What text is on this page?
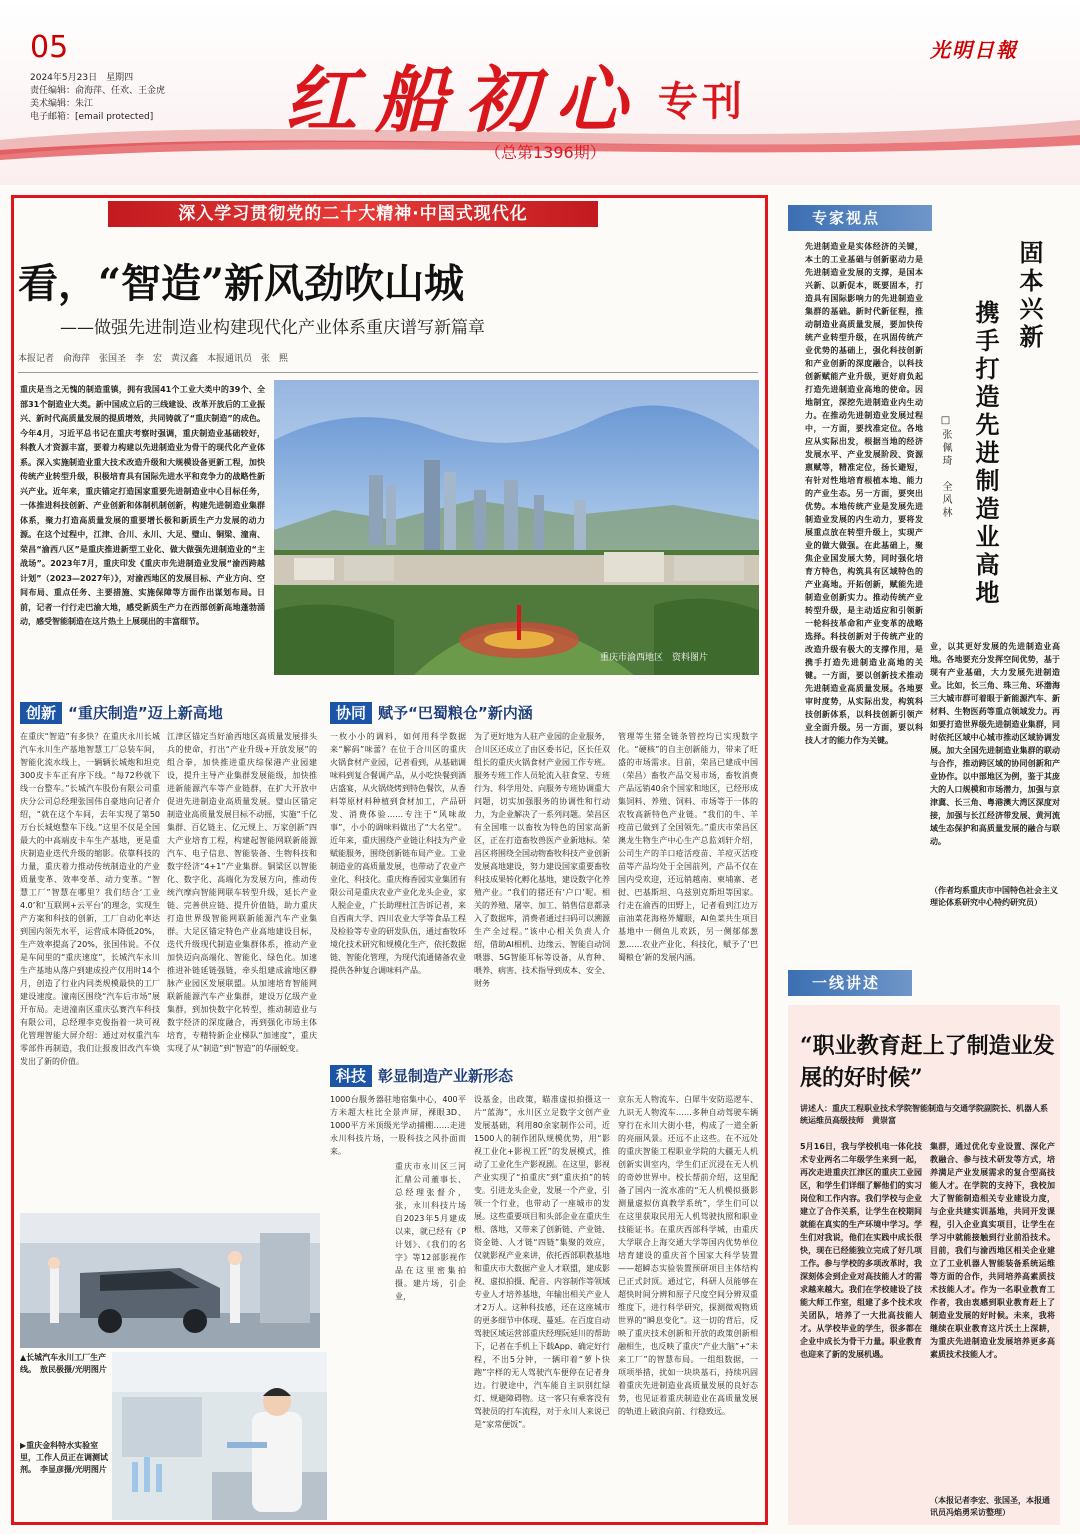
05
2024年5月23日　星期四
责任编辑：俞海萍、任欢、王金虎
美术编辑：朱江
电子邮箱：[email protected] 红船初心 专刊
光明日報
（总第1396期）
深入学习贯彻党的二十大精神·中国式现代化
看，“智造”新风劲吹山城
——做强先进制造业构建现代化产业体系重庆谱写新篇章
本报记者　俞海萍　张国圣　李　宏　黄汉鑫　本报通讯员　张　熙
重庆是当之无愧的制造重镇，拥有我国41个工业大类中的39个、全部31个制造业大类。新中国成立后的三线建设、改革开放后的工业振兴、新时代高质量发展的提质增效，共同铸就了“重庆制造”的成色。今年4月，习近平总书记在重庆考察时强调，重庆制造业基础较好，科教人才资源丰富，要着力构建以先进制造业为骨干的现代化产业体系。深入实施制造业重大技术改造升级和大规模设备更新工程，加快传统产业转型升级，积极培育具有国际先进水平和竞争力的战略性新兴产业。近年来，重庆锚定打造国家重要先进制造业中心目标任务，一体推进科技创新、产业创新和体制机制创新，构建先进制造业集群体系，聚力打造高质量发展的重要增长极和新质生产力发展的动力源。在这个过程中，江津、合川、永川、大足、璧山、铜梁、潼南、荣昌“渝西八区”是重庆推进新型工业化、做大做强先进制造业的“主战场”。2023年7月，重庆印发《重庆市先进制造业发展“渝西跨越计划”（2023—2027年）》，对渝西地区的发展目标、产业方向、空间布局、重点任务、主要措施、实施保障等方面作出谋划布局。日前，记者一行行走巴渝大地，感受新质生产力在西部创新高地蓬勃涌动，感受智能制造在这片热土上展现出的丰富细节。
重庆市渝西地区　资料图片
创新 “重庆制造”迈上新高地
在重庆“智造”有多快？在重庆永川长城汽车永川生产基地智慧工厂总装车间，智能化流水线上，一辆辆长城炮和坦克300皮卡车正有序下线。“每72秒就下线一台整车。”长城汽车股份有限公司重庆分公司总经理张国伟自豪地向记者介绍，“就在这个车间，去年实现了第50万台长城炮整车下线。”这里不仅是全国最大的中高端皮卡车生产基地，更是重庆制造业迭代升级的缩影。依靠科技的力量，重庆着力推动传统制造业的产业质量变革、效率变革、动力变革。“智慧工厂”智慧在哪里？我们结合‘工业4.0’和‘互联网+云平台’的理念，实现生产方案和科技的创新，工厂自动化率达到国内领先水平，运营成本降低20%，生产效率提高了20%，张国伟说。不仅是车间里的“重庆速度”，长城汽车永川生产基地从落户到建成投产仅用时14个月，创造了行业内同类规模最快的工厂建设速度。潼南区围绕“汽车后市场”展开布局。走进潼南区重庆弘赛汽车科技有限公司，总经理李克俊指着一块可视化管理智能大屏介绍：通过对权重汽车零部件再制造，我们让报废旧改汽车焕发出了新的价值。
江津区锚定当好渝西地区高质量发展排头兵的使命，打出“产业升级+开放发展”的组合拳，加快推进重庆综保港产业园建设，提升主导产业集群发展能级，加快推进新能源汽车等产业链群，在扩大开放中促进先进制造业高质量发展。璧山区锚定制造业高质量发展目标不动摇，实施“千亿集群、百亿链主、亿元规上、万家创新”四大产业培育工程，构建起智能网联新能源汽车、电子信息、智能装备、生物科技和数字经济“4+1”产业集群。铜梁区以智能化、数字化、高端化为发展方向，推动传统汽摩向智能网联车转型升级，延长产业链、完善供应链、提升价值链，助力重庆打造世界级智能网联新能源汽车产业集群。大足区锚定特色产业高地建设目标，迭代升级现代制造业集群体系，推动产业加快迈向高端化、智能化、绿色化。加速推进补链延链强链，牵头组建成渝地区静脉产业园区发展联盟。从加速培育智能网联新能源汽车产业集群，建设万亿级产业集群，到加快数字化转型，推动制造业与数字经济的深度融合，再到强化市场主体培育，专精特新企业梯队“加速度”，重庆实现了从“制造”到“智造”的华丽蜕变。
协同 赋予“巴蜀粮仓”新内涵
一枚小小的调料，如何用科学数据来“解码”味蕾？在位于合川区的重庆火锅食材产业园，记者看到，从基础调味料到复合餐调产品，从小吃快餐到酒店盛宴，从火锅烧烤到特色餐饮，从香料等原材料种植到食材加工，产品研发、消费体验……专注于“风味故事”，小小的调味料做出了“大名堂”。近年来，重庆围绕产业链让科技为产业赋能服务，围绕创新链布局产业。工业制造业的高质量发展，也带动了农业产业化、科技化。重庆梅香园实业集团有限公司是重庆农业产业化龙头企业，家人脱企业，广长助理杜江告诉记者，来自西南大学、四川农业大学等食品工程及检验等专业的研发队伍，通过畜牧环境化技术研究和规模化生产，依托数据链、智能化管理，为现代流通储备农业提供各种复合调味料产品。
为了更好地为人驻产业园的企业服务，合川区还成立了由区委书记，区长任双组长的重庆火锅食材产业园工作专班。服务专班工作人员轮流入驻食堂、专班行为、科学用处、向服务专班协调重大问题，切实加强服务的协调性和行动力，为企业解决了一系列问题。荣昌区有全国唯一以畜牧为特色的国家高新区，正在打造畜牧兽医产业新地标。荣昌区将围绕全国动物畜牧科技产业创新发展高地建设，努力建设国家重要畜牧科技成果转化孵化基地，建设数字化养殖产业。“我们的猪还有‘户口’呢。相关的养殖、屠宰、加工、销售信息都录入了数据库，消费者通过扫码可以溯源生产全过程。”该中心相关负责人介绍，借助AI相机、边缘云、智能自动饲喂器、5G智能耳标等设备，从育种、喂养、病害、技术指导到成本、安全、财务
管理等生猪全链条管控均已实现数字化。“硬核”的自主创新能力，带来了旺盛的市场需求。目前，荣昌已建成中国（荣昌）畜牧产品交易市场，畜牧消费产品远销40余个国家和地区，已经形成集饲料、养殖、饲料、市场等于一体的农牧高新特色产业链。“我们的牛、羊疫苗已做到了全国领先。”重庆市荣昌区澳龙生物生产中心生产总监刘轩介绍，公司生产的羊口疮活疫苗、羊痘灭活疫苗等产品均处于全国前列，产品不仅在国内受欢迎，还远销越南、柬埔寨、老挝、巴基斯坦、乌兹别克斯坦等国家。行走在渝西的田野上，记者看到江边万亩油菜花海格外耀眼，AI鱼菜共生项目基地中一侧鱼儿欢跃，另一侧郁郁葱葱……农业产业化、科技化，赋予了‘巴蜀粮仓’新的发展内涵。
科技 彰显制造产业新形态
1000台服务器驻地宿集中心，400平方米超大柱比全景声屏，裸眼3D、1000平方米顶级光学动捕棚……走进永川科技片场，一股科技之风扑面而来。
重庆市永川区三河汇鼎公司董事长、总经理张督介，张，永川科技片场自2023年5月建成以来，就已经有《P计划》、《我们的名字》等12部影视作品在这里密集拍摄。建片场，引企业，
设基金，出政策，瞄准虚拟拍摄这一片“蓝海”，永川区立足数字文创产业发展基础，利用80余家制作公司，近1500人的制作团队规模优势，用“影视工业化+影视工匠”的发展模式，推动了工业化生产影视剧。在这里，影视产业实现了“拍重庆”到“重庆拍”的转变。引进龙头企业，发展一个产业，引领一个行业，也带动了一座城市的发展。这些重要项目和头部企业在重庆生根、落地，又带来了创新链、产业链、资金链、人才链“四链”集聚的效应，仅就影视产业来讲，依托西部职教基地和重庆市大数据产业人才联盟，建成影视、虚拟拍摄、配音、内容制作等领域专业人才培养基地，年输出相关产业人才2万人。这种科技感，还在这座城市的更多细节中体现、蔓延。在百度自动驾驶区域运营部重庆经理阮延川的帮助下，记者在手机上下载App、确定好行程，不出5分钟，一辆印着“萝卜快跑”字样的无人驾驶汽车便停在记者身边。行驶途中，汽车能自主识别红绿灯、规避障碍物。这一客只有乘客没有驾驶员的打车流程，对于永川人来说已是“家常便饭”。
京东无人物流车、白犀牛安防巡逻车、九识无人物流车……多种自动驾驶车辆穿行在永川大街小巷，构成了一道全新的亮丽风景。还远不止这些。在不远处的重庆智能工程职业学院的大疆无人机创新实训室内，学生们正沉浸在无人机的奇妙世界中。校长帮前介绍，这里配备了国内一流水准的“无人机模拟摄影测量虚拟仿真教学系统”，学生们可以在这里获取民用无人机驾驶执照和职业技能证书。在重庆西部科学城，由重庆大学联合上海交通大学等国内优势单位培育建设的重庆首个国家大科学装置——超瞬态实验装置预研项目主体结构已正式封顶。通过它，科研人员能够在超快时间分辨和原子尺度空间分辨双重维度下，进行科学研究，探测微观物质世界的“瞬息变化”。这一切的背后，反映了重庆技术创新和开放的政策创新相融相生，也反映了重庆“产业大脑”+“未来工厂”的智慧布局。一组组数据，一项项举措，扰如一块块基石，持续巩固着重庆先进制造业高质量发展的良好态势，也见证着重庆制造业在高质量发展的轨道上破浪向前、行稳致远。
▲长城汽车永川工厂生产线。　敖民极摄/光明图片
▶重庆金科特水实验室里，工作人员正在调测试剂。　李显彦摄/光明图片
专家视点
先进制造业是实体经济的关键，本土的工业基础与创新驱动力是先进制造业发展的支撑，是国本兴新、以新促本，既要固本，打造具有国际影响力的先进制造业集群的基础。新时代新征程，推动制造业高质量发展，要加快传统产业转型升级，在巩固传统产业优势的基础上，强化科技创新和产业创新的深度融合，以科技创新赋能产业升级，更好肩负起打造先进制造业高地的使命。因地制宜，深挖先进制造业内生动力。在推动先进制造业发展过程中，一方面，要找准定位。各地应从实际出发，根据当地的经济发展水平、产业发展阶段、资源禀赋等，精准定位，扬长避短，有针对性地培育根植本地、能力的产业生态。另一方面，要突出优势。本地传统产业是发展先进制造业发展的内生动力，要将发展重点放在转型升级上，实现产业的做大做强。在此基础上，聚焦企业国发展大势，同时强化培育方特色，构筑具有区域特色的产业高地。开拓创新，赋能先进制造业创新实力。推动传统产业转型升级，是主动适应和引领新一轮科技革命和产业变革的战略选择。科技创新对于传统产业的改造升级有极大的支撑作用，是携手打造先进制造业高地的关键。一方面，要以创新技术推动先进制造业高质量发展。各地要审时度势，从实际出发，构筑科技创新体系，以科技创新引领产业全面升级。另一方面，要以科技人才的能力作为关键。
固本兴新
携手打造先进制造业高地
□张佩琦　全风林
业，以其更好发展的先进制造业高地。各地要充分发挥空间优势，基于现有产业基础，大力发展先进制造业。比如，长三角、珠三角、环渤海三大城市群可着眼于新能源汽车、新材料、生物医药等重点领域发力。再如要打造世界级先进制造业集群，同时依托区域中心城市推动区域协调发展。加大全国先进制造业集群的联动与合作，推动跨区域的协同创新和产业协作。以中部地区为例，鉴于其庞大的人口规模和市场潜力，加强与京津冀、长三角、粤港澳大湾区深度对接，加强与长江经济带发展、黄河流域生态保护和高质量发展的融合与联动。
（作者均系重庆市中国特色社会主义理论体系研究中心特约研究员）
一线讲述
“职业教育赶上了制造业发展的好时候”
讲述人：重庆工程职业技术学院智能制造与交通学院副院长、机器人系统运维员高级技师　黄崇富
5月16日，我与学校机电一体化技术专业两名二年级学生来到一起，再次走进重庆江津区的重庆工业园区，和学生们详细了解他们的实习岗位和工作内容。我们学校与企业建立了合作关系，让学生在校期间就能在真实的生产环境中学习。学生们对我说，他们在实践中成长很快，现在已经能独立完成了好几项工作。参与学校的多项改革时，我深刻体会到企业对高技能人才的需求越来越大。我们在学校建设了技能大师工作室，组建了多个技术攻关团队，培养了一大批高技能人才。从学校毕业的学生，很多都在企业中成长为骨干力量。职业教育也迎来了新的发展机遇。
集群，通过优化专业设置、深化产教融合、参与技术研发等方式，培养满足产业发展需求的复合型高技能人才。在学院的支持下，我校加大了智能制造相关专业建设力度，与企业共建实训基地，共同开发课程，引入企业真实项目，让学生在学习中就能接触到行业前沿技术。目前，我们与渝西地区相关企业建立了工业机器人智能装备系统运维等方面的合作，共同培养高素质技术技能人才。作为一名职业教育工作者，我由衷感到职业教育赶上了制造业发展的好时候。未来，我将继续在职业教育这片沃土上深耕，为重庆先进制造业发展培养更多高素质技术技能人才。
（本报记者李宏、张国圣，本报通讯员冯焰勇采访整理）
